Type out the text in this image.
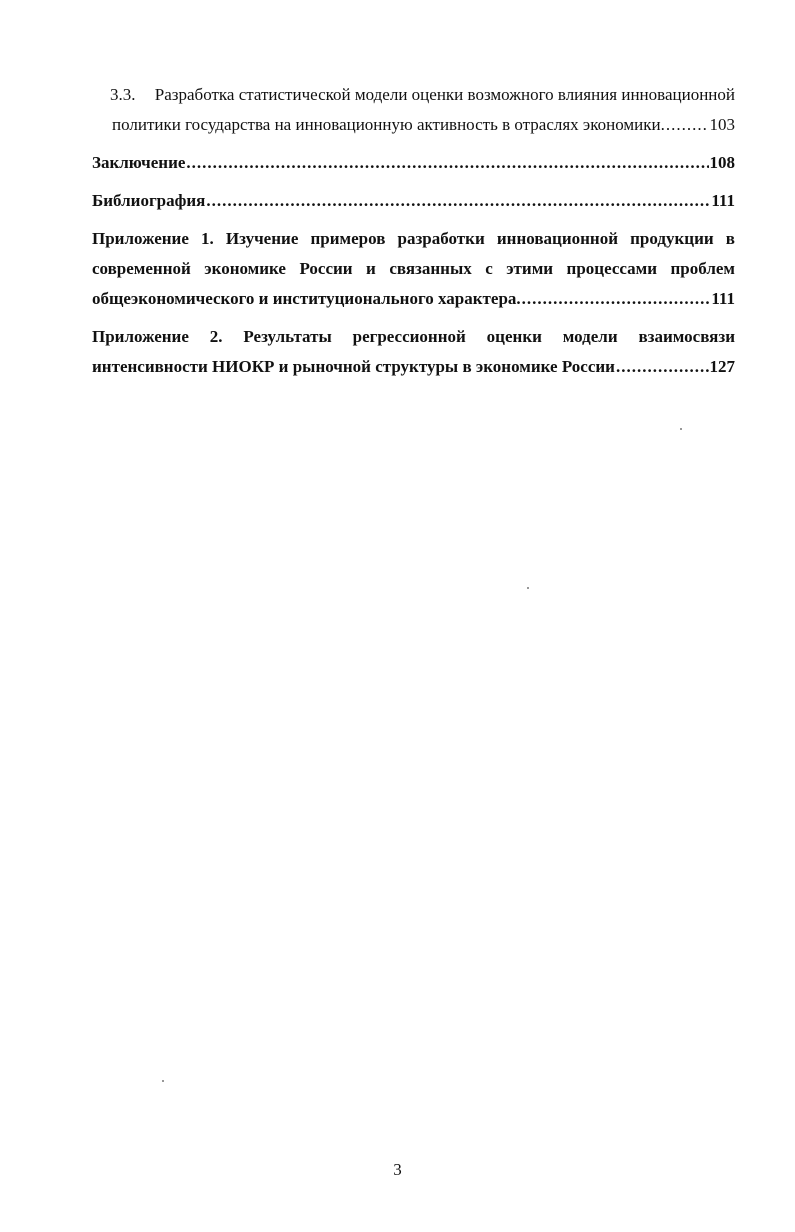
3.3.	Разработка статистической модели оценки возможного влияния инновационной
политики государства на инновационную активность в отраслях экономики. .....	103
Заключение .....	108
Библиография .....	111
Приложение 1. Изучение примеров разработки инновационной продукции в
современной экономике России и связанных с этими процессами проблем
общеэкономического и институционального характера. .....	111
Приложение 2. Результаты регрессионной оценки модели взаимосвязи
интенсивности НИОКР и рыночной структуры в экономике России .....	127
3
